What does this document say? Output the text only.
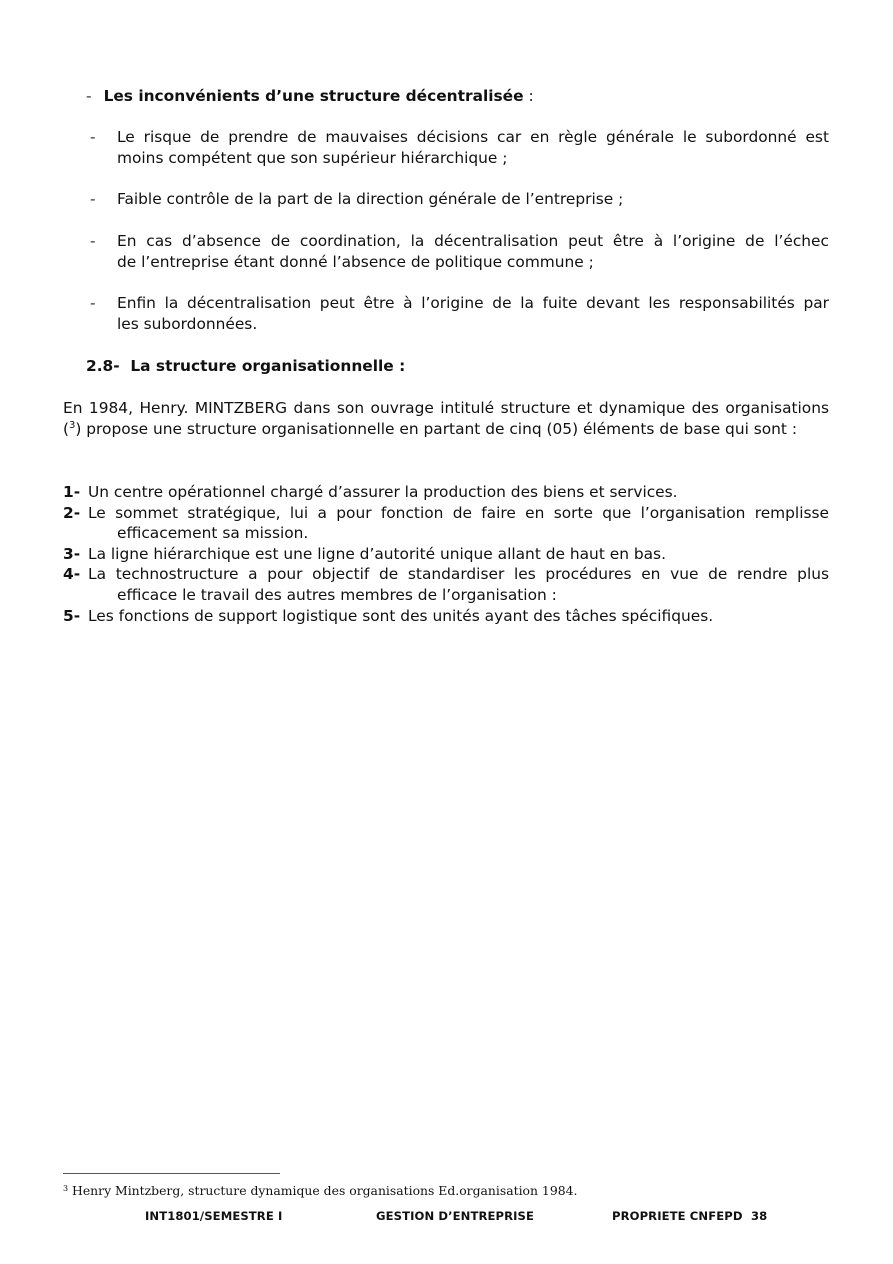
- Les inconvénients d’une structure décentralisée :
- Le risque de prendre de mauvaises décisions car en règle générale le subordonné est
moins compétent que son supérieur hiérarchique ;
- Faible contrôle de la part de la direction générale de l’entreprise ;
- En cas d’absence de coordination, la décentralisation peut être à l’origine de l’échec
de l’entreprise étant donné l’absence de politique commune ;
- Enfin la décentralisation peut être à l’origine de la fuite devant les responsabilités par
les subordonnées.
2.8- La structure organisationnelle :
En 1984, Henry. MINTZBERG dans son ouvrage intitulé structure et dynamique des organisations ($^3$) propose une structure organisationnelle en partant de cinq (05) éléments de base qui sont :
1- Un centre opérationnel chargé d’assurer la production des biens et services.
2- Le sommet stratégique, lui a pour fonction de faire en sorte que l’organisation remplisse
efficacement sa mission.
3- La ligne hiérarchique est une ligne d’autorité unique allant de haut en bas.
4- La technostructure a pour objectif de standardiser les procédures en vue de rendre plus
efficace le travail des autres membres de l’organisation :
5- Les fonctions de support logistique sont des unités ayant des tâches spécifiques.
$^3$ Henry Mintzberg, structure dynamique des organisations Ed.organisation 1984.
INT1801/SEMESTRE I	GESTION D’ENTREPRISE	PROPRIETE CNFEPD 38
